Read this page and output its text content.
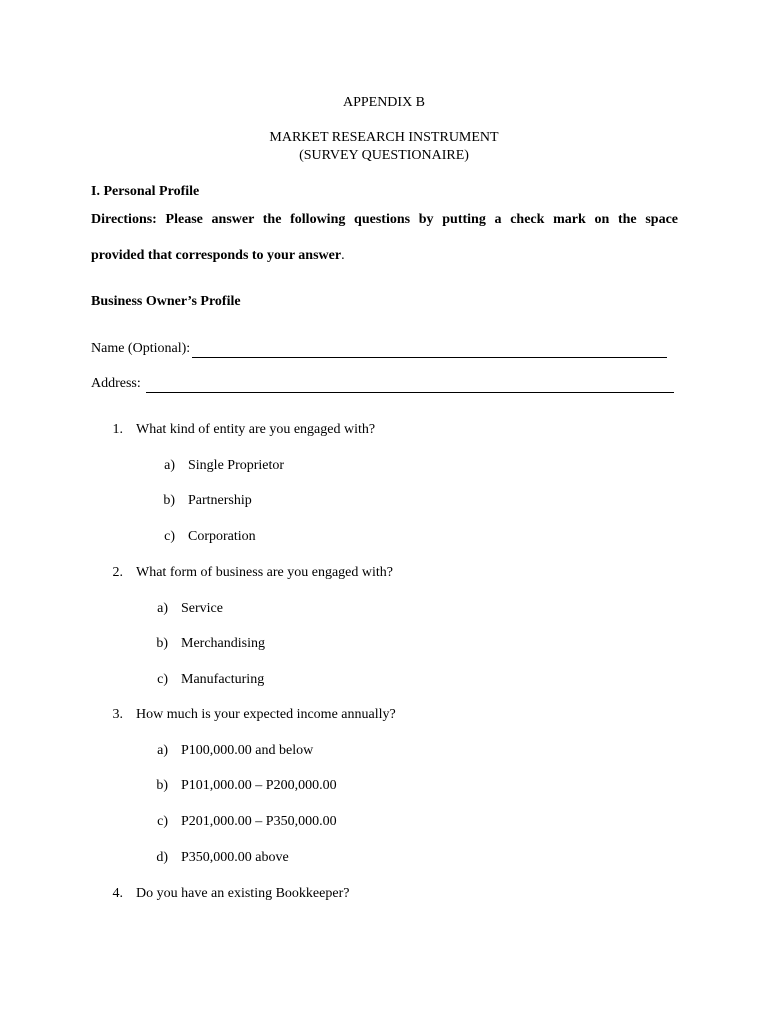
APPENDIX B
MARKET RESEARCH INSTRUMENT
(SURVEY QUESTIONAIRE)
I. Personal Profile
Directions: Please answer the following questions by putting a check mark on the space
provided that corresponds to your answer.
Business Owner’s Profile
Name (Optional):
Address:
1. What kind of entity are you engaged with?
a) Single Proprietor
b) Partnership
c) Corporation
2. What form of business are you engaged with?
a) Service
b) Merchandising
c) Manufacturing
3. How much is your expected income annually?
a) P100,000.00 and below
b) P101,000.00 – P200,000.00
c) P201,000.00 – P350,000.00
d) P350,000.00 above
4. Do you have an existing Bookkeeper?
